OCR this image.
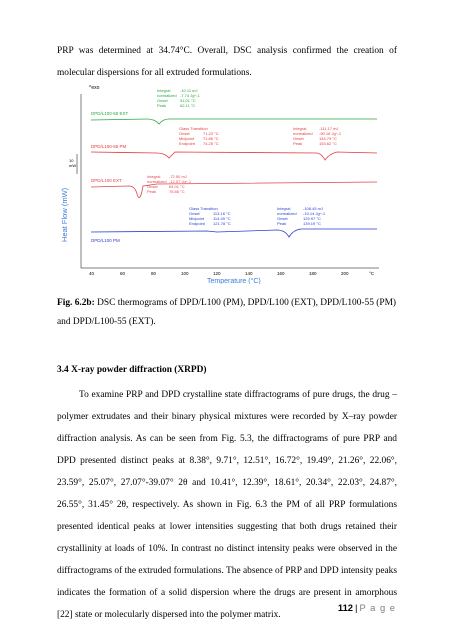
PRP was determined at 34.74°C. Overall, DSC analysis confirmed the creation of molecular dispersions for all extruded formulations.

^exo
Heat Flow (mW)
10
mW
DPD/L100-55 EXT
DPD/L100-55 PM
DPD/L100 EXT
DPD/L100 PM
Integral
normalized
Onset
Peak
-10.11 mJ
-7.74 Jg^-1
51.01 °C
62.11 °C
Glass Transition
Onset
Midpoint
Endpoint
71.23 °C
71.86 °C
74.25 °C
Integral
normalized
Onset
Peak
-111.17 mJ
-90.16 Jg^-1
144.79 °C
153.62 °C
Integral
normalized
Onset
Peak
-72.50 mJ
-12.07 Jg^-1
64.01 °C
76.56 °C
Glass Transition
Onset
Midpoint
Endpoint
113.16 °C
114.49 °C
121.78 °C
Integral
normalized
Onset
Peak
-108.45 mJ
-19.14 Jg^-1
129.97 °C
139.19 °C
40	60	80	100	120	140	160	180	200	°C
Temperature (°C)
Fig. 6.2b: DSC thermograms of DPD/L100 (PM), DPD/L100 (EXT), DPD/L100-55 (PM) and DPD/L100-55 (EXT).
3.4 X-ray powder diffraction (XRPD)

To examine PRP and DPD crystalline state diffractograms of pure drugs, the drug – polymer extrudates and their binary physical mixtures were recorded by X–ray powder diffraction analysis. As can be seen from Fig. 5.3, the diffractograms of pure PRP and DPD presented distinct peaks at 8.38°, 9.71°, 12.51°, 16.72°, 19.49°, 21.26°, 22.06°, 23.59°, 25.07°, 27.07°-39.07° 2θ and 10.41°, 12.39°, 18.61°, 20.34°, 22.03°, 24.87°, 26.55°, 31.45° 2θ, respectively. As shown in Fig. 6.3 the PM of all PRP formulations presented identical peaks at lower intensities suggesting that both drugs retained their crystallinity at loads of 10%. In contrast no distinct intensity peaks were observed in the diffractograms of the extruded formulations. The absence of PRP and DPD intensity peaks indicates the formation of a solid dispersion where the drugs are present in amorphous [22] state or molecularly dispersed into the polymer matrix.

112 | P a g e
